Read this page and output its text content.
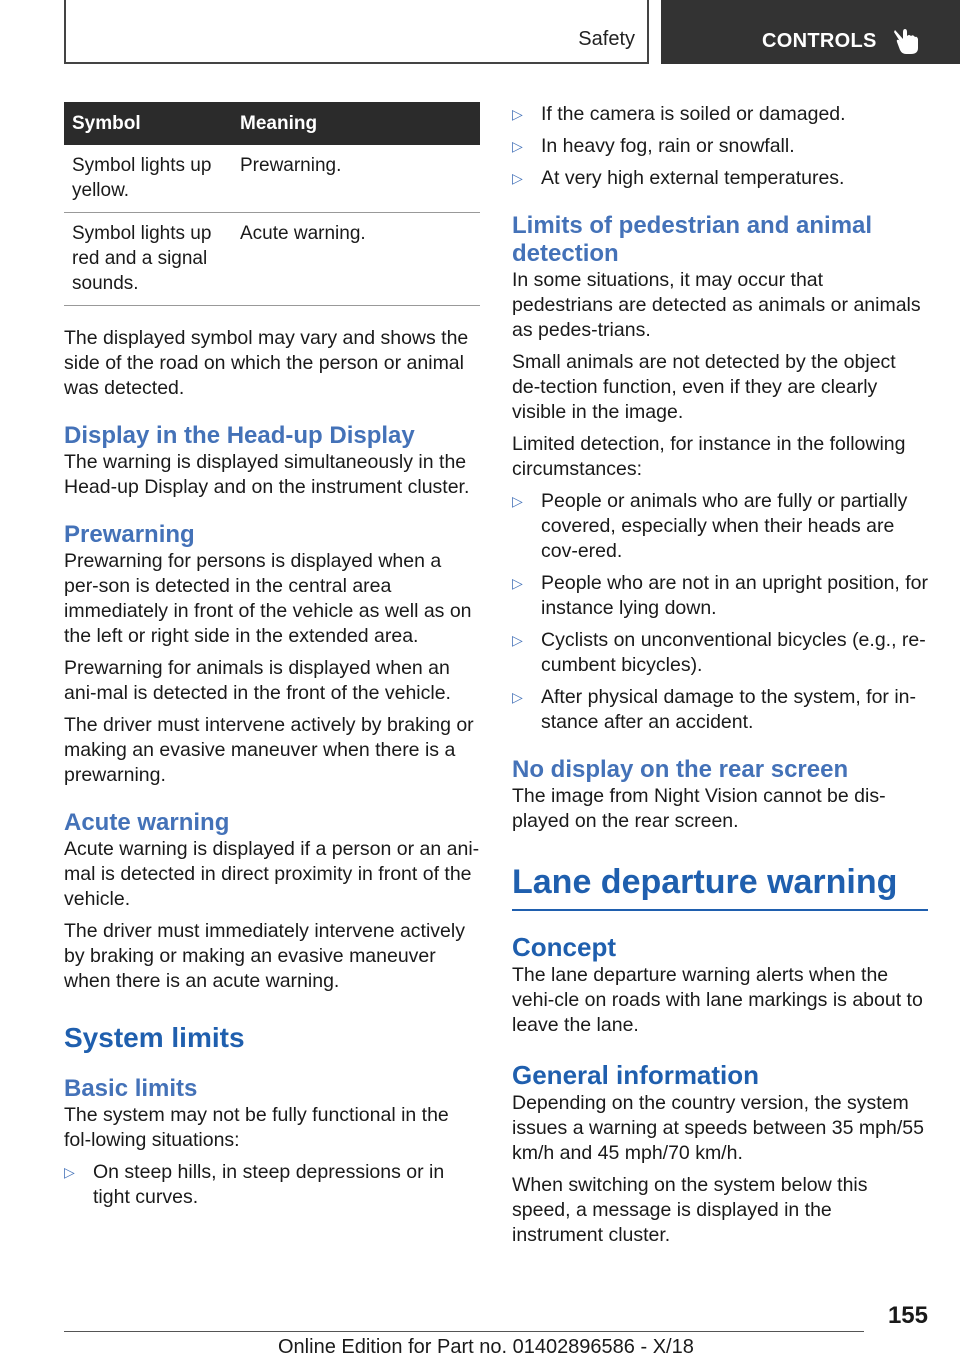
Safety	CONTROLS
Symbol	Meaning
Symbol lights up yellow.	Prewarning.
Symbol lights up red and a signal sounds.	Acute warning.

The displayed symbol may vary and shows the side of the road on which the person or animal was detected.

Display in the Head-up Display

The warning is displayed simultaneously in the Head-up Display and on the instrument cluster.

Prewarning

Prewarning for persons is displayed when a per-son is detected in the central area immediately in front of the vehicle as well as on the left or right side in the extended area.

Prewarning for animals is displayed when an ani-mal is detected in the front of the vehicle.

The driver must intervene actively by braking or making an evasive maneuver when there is a prewarning.

Acute warning

Acute warning is displayed if a person or an ani-mal is detected in direct proximity in front of the vehicle.

The driver must immediately intervene actively by braking or making an evasive maneuver when there is an acute warning.

System limits
Basic limits

The system may not be fully functional in the fol-lowing situations:

▷ On steep hills, in steep depressions or in tight curves.
▷ If the camera is soiled or damaged.
▷ In heavy fog, rain or snowfall.
▷ At very high external temperatures.
Limits of pedestrian and animal detection

In some situations, it may occur that pedestrians are detected as animals or animals as pedes-trians.

Small animals are not detected by the object de-tection function, even if they are clearly visible in the image.

Limited detection, for instance in the following circumstances:

▷ People or animals who are fully or partially covered, especially when their heads are cov-ered.
▷ People who are not in an upright position, for instance lying down.
▷ Cyclists on unconventional bicycles (e.g., re-cumbent bicycles).
▷ After physical damage to the system, for in-stance after an accident.
No display on the rear screen

The image from Night Vision cannot be dis-played on the rear screen.

Lane departure warning
Concept

The lane departure warning alerts when the vehi-cle on roads with lane markings is about to leave the lane.

General information

Depending on the country version, the system issues a warning at speeds between 35 mph/55 km/h and 45 mph/70 km/h.

When switching on the system below this speed, a message is displayed in the instrument cluster.

155
Online Edition for Part no. 01402896586 - X/18
